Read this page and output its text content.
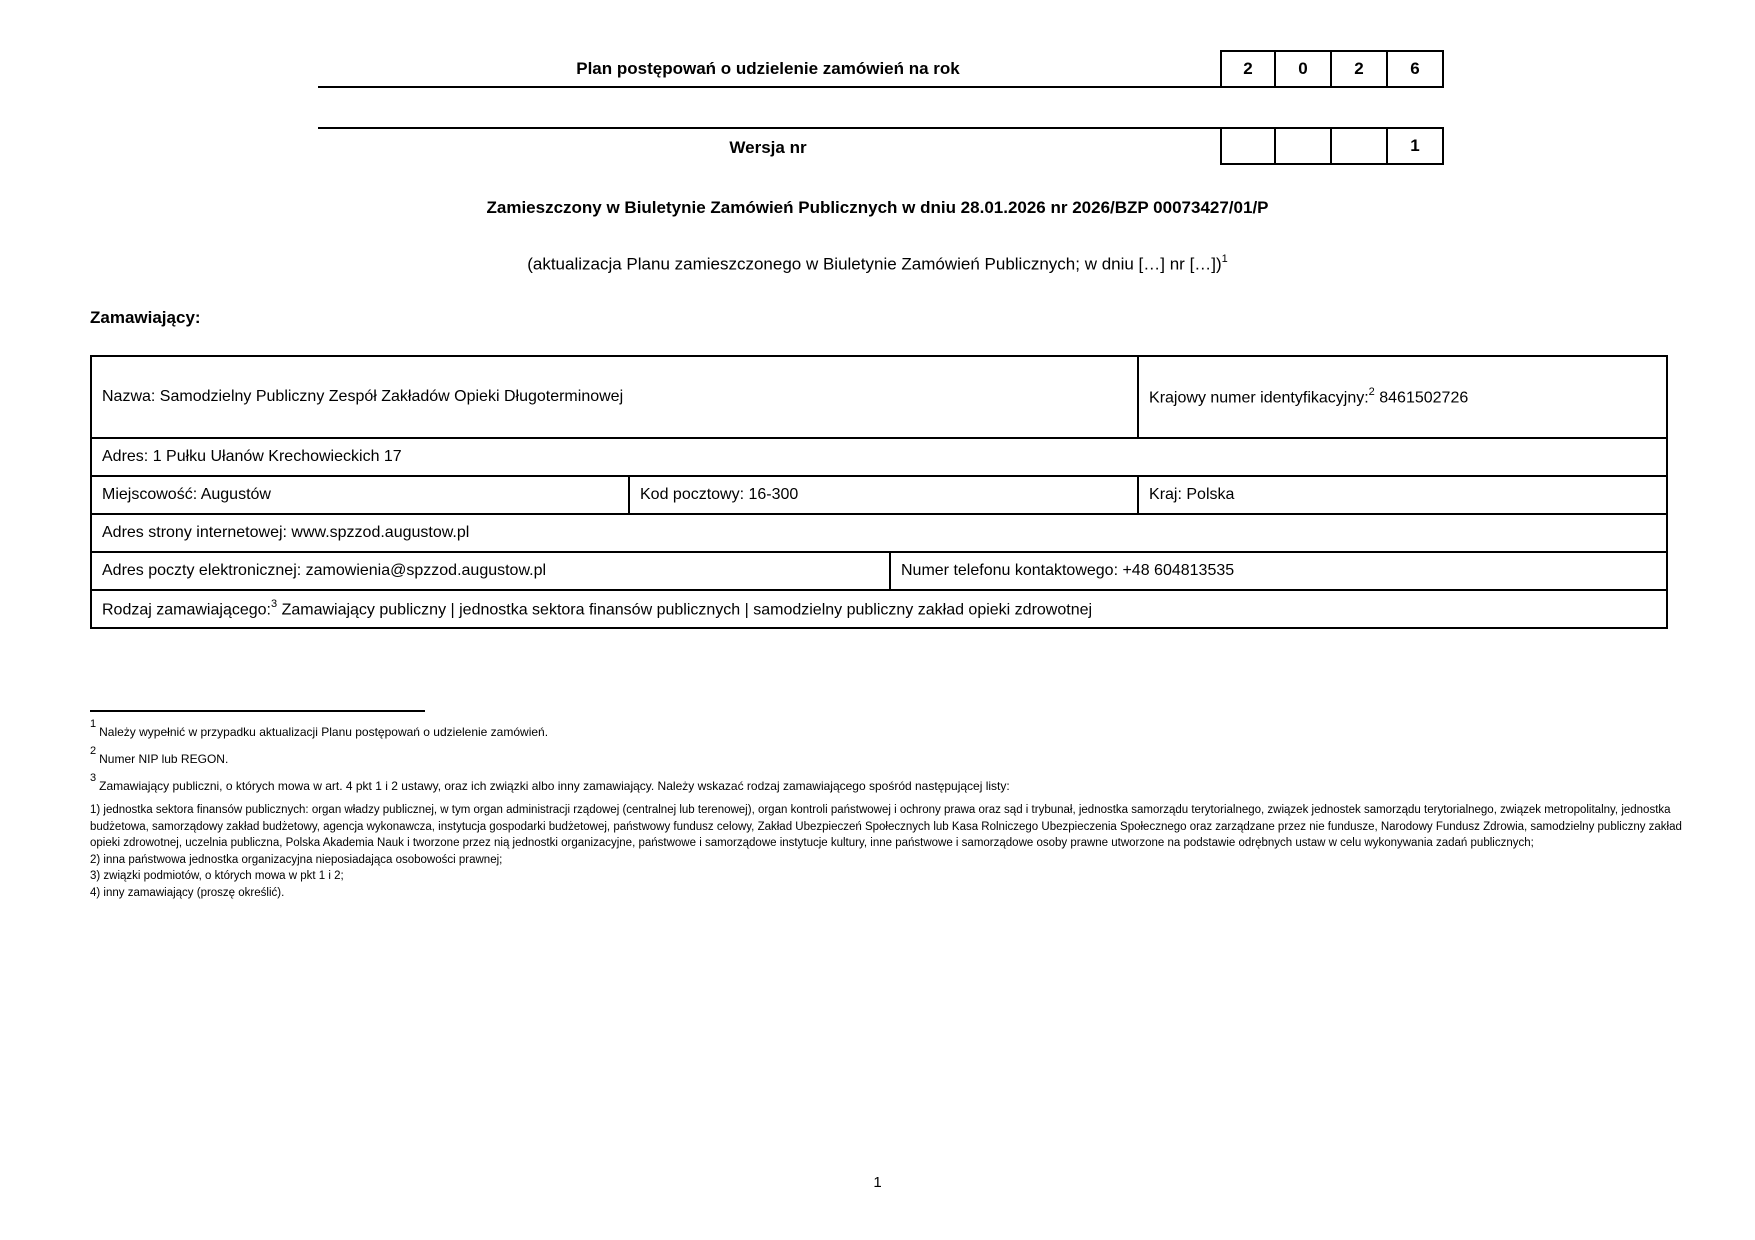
Plan postępowań o udzielenie zamówień na rok	2	0	2	6
Wersja nr	1
Zamieszczony w Biuletynie Zamówień Publicznych w dniu 28.01.2026 nr 2026/BZP 00073427/01/P
(aktualizacja Planu zamieszczonego w Biuletynie Zamówień Publicznych; w dniu […] nr […])$^1$
Zamawiający:
Nazwa: Samodzielny Publiczny Zespół Zakładów Opieki Długoterminowej			Krajowy numer identyfikacyjny:$^2$ 8461502726
Adres: 1 Pułku Ułanów Krechowieckich 17			
Miejscowość: Augustów	Kod pocztowy: 16-300		Kraj: Polska
Adres strony internetowej: www.spzzod.augustow.pl			
Adres poczty elektronicznej: zamowienia@spzzod.augustow.pl		Numer telefonu kontaktowego: +48 604813535	
Rodzaj zamawiającego:$^3$ Zamawiający publiczny | jednostka sektora finansów publicznych | samodzielny publiczny zakład opieki zdrowotnej			
$^1$Należy wypełnić w przypadku aktualizacji Planu postępowań o udzielenie zamówień.
$^2$Numer NIP lub REGON.
$^3$Zamawiający publiczni, o których mowa w art. 4 pkt 1 i 2 ustawy, oraz ich związki albo inny zamawiający. Należy wskazać rodzaj zamawiającego spośród następującej listy:

1) jednostka sektora finansów publicznych: organ władzy publicznej, w tym organ administracji rządowej (centralnej lub terenowej), organ kontroli państwowej i ochrony prawa oraz sąd i trybunał, jednostka samorządu terytorialnego, związek jednostek samorządu terytorialnego, związek metropolitalny, jednostka budżetowa, samorządowy zakład budżetowy, agencja wykonawcza, instytucja gospodarki budżetowej, państwowy fundusz celowy, Zakład Ubezpieczeń Społecznych lub Kasa Rolniczego Ubezpieczenia Społecznego oraz zarządzane przez nie fundusze, Narodowy Fundusz Zdrowia, samodzielny publiczny zakład opieki zdrowotnej, uczelnia publiczna, Polska Akademia Nauk i tworzone przez nią jednostki organizacyjne, państwowe i samorządowe instytucje kultury, inne państwowe i samorządowe osoby prawne utworzone na podstawie odrębnych ustaw w celu wykonywania zadań publicznych;

2) inna państwowa jednostka organizacyjna nieposiadająca osobowości prawnej;

3) związki podmiotów, o których mowa w pkt 1 i 2;

4) inny zamawiający (proszę określić).

1
